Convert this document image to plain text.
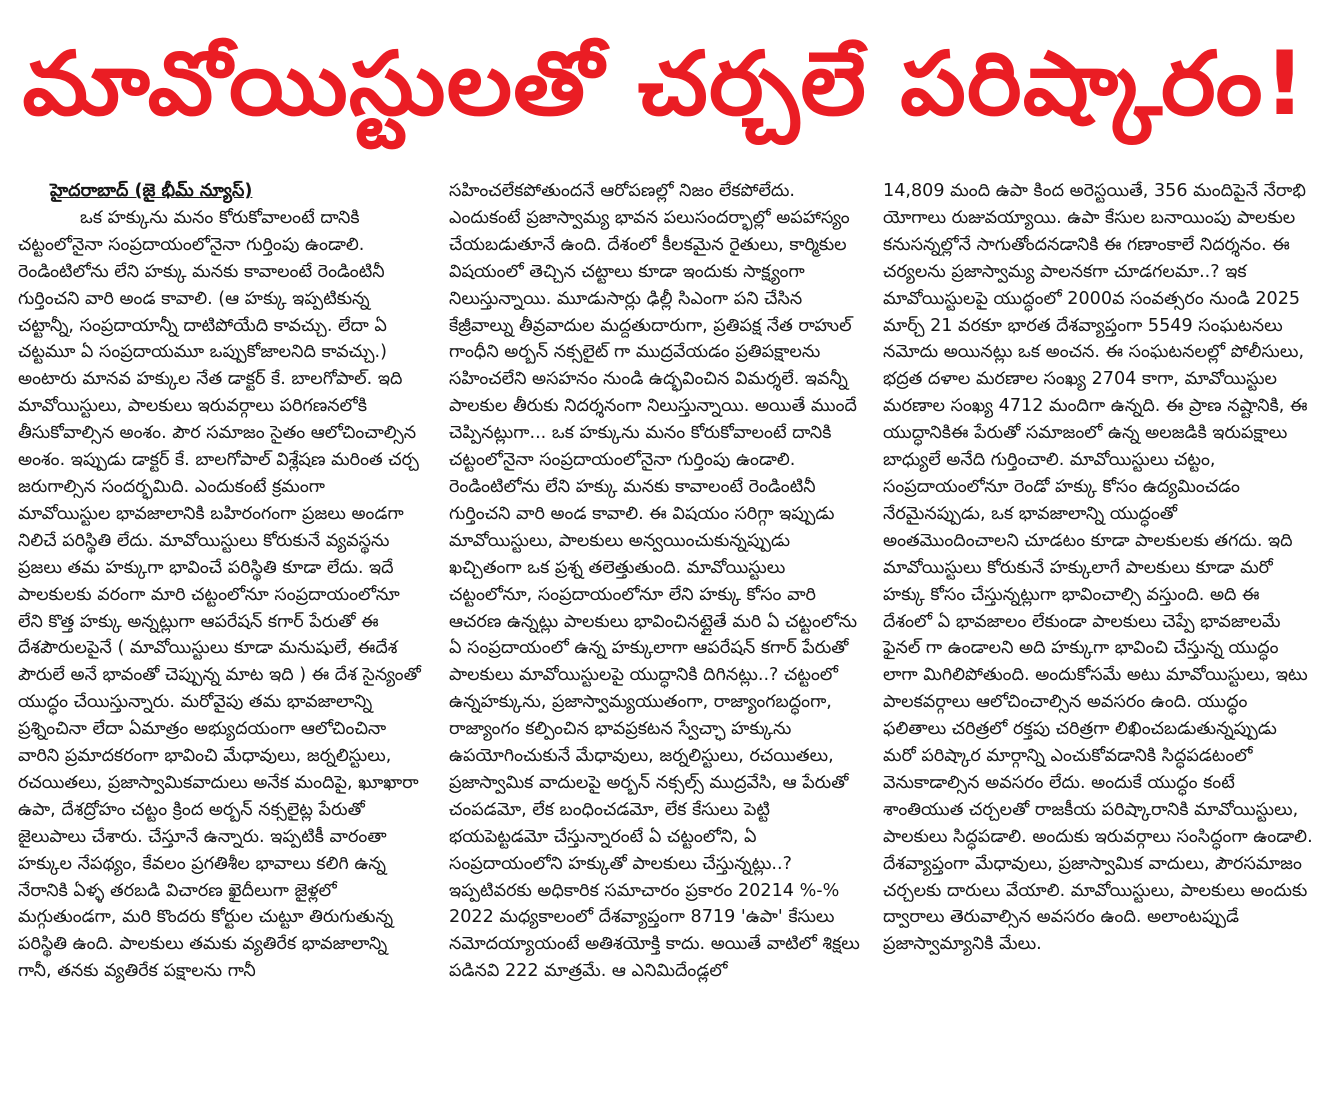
మావోయిస్టులతో చర్చలే పరిష్కారం!

హైదరాబాద్ (జై భీమ్ న్యూస్)

ఒక హక్కును మనం కోరుకోవాలంటే దానికి చట్టంలోనైనా సంప్రదాయంలోనైనా గుర్తింపు ఉండాలి. రెండింటిలోను లేని హక్కు మనకు కావాలంటే రెండింటినీ గుర్తించని వారి అండ కావాలి. (ఆ హక్కు ఇప్పటికున్న చట్టాన్నీ, సంప్రదాయాన్నీ దాటిపోయేది కావచ్చు. లేదా ఏ చట్టమూ ఏ సంప్రదాయమూ ఒప్పుకోజాలనిది కావచ్చు.) అంటారు మానవ హక్కుల నేత డాక్టర్ కే. బాలగోపాల్. ఇది మావోయిస్టులు, పాలకులు ఇరువర్గాలు పరిగణనలోకి తీసుకోవాల్సిన అంశం. పౌర సమాజం సైతం ఆలోచించాల్సిన అంశం. ఇప్పుడు డాక్టర్ కే. బాలగోపాల్ విశ్లేషణ మరింత చర్చ జరుగాల్సిన సందర్భమిది. ఎందుకంటే క్రమంగా మావోయిస్టుల భావజాలానికి బహిరంగంగా ప్రజలు అండగా నిలిచే పరిస్థితి లేదు. మావోయిస్టులు కోరుకునే వ్యవస్థను ప్రజలు తమ హక్కుగా భావించే పరిస్థితి కూడా లేదు. ఇదే పాలకులకు వరంగా మారి చట్టంలోనూ సంప్రదాయంలోనూ లేని కొత్త హక్కు అన్నట్లుగా ఆపరేషన్ కగార్ పేరుతో ఈ దేశపౌరులపైనే ( మావోయిస్టులు కూడా మనుషులే, ఈదేశ పౌరులే అనే భావంతో చెప్పున్న మాట ఇది ) ఈ దేశ సైన్యంతో యుద్ధం చేయిస్తున్నారు. మరోవైపు తమ భావజాలాన్ని ప్రశ్నించినా లేదా ఏమాత్రం అభ్యుదయంగా ఆలోచించినా వారిని ప్రమాదకరంగా భావించి మేధావులు, జర్నలిస్టులు, రచయితలు, ప్రజాస్వామికవాదులు అనేక మందిపై, ఖూఖారా ఉపా, దేశద్రోహం చట్టం క్రింద అర్బన్ నక్సలైట్ల పేరుతో జైలుపాలు చేశారు. చేస్తూనే ఉన్నారు. ఇప్పటికీ వారంతా హక్కుల నేపథ్యం, కేవలం ప్రగతిశీల భావాలు కలిగి ఉన్న నేరానికి ఏళ్ళ తరబడి విచారణ ఖైదీలుగా జైళ్లలో మగ్గుతుండగా, మరి కొందరు కోర్టుల చుట్టూ తిరుగుతున్న పరిస్థితి ఉంది. పాలకులు తమకు వ్యతిరేక భావజాలాన్ని గానీ, తనకు వ్యతిరేక పక్షాలను గానీ

సహించలేకపోతుందనే ఆరోపణల్లో నిజం లేకపోలేదు. ఎందుకంటే ప్రజాస్వామ్య భావన పలుసందర్భాల్లో అపహాస్యం చేయబడుతూనే ఉంది. దేశంలో కీలకమైన రైతులు, కార్మికుల విషయంలో తెచ్చిన చట్టాలు కూడా ఇందుకు సాక్ష్యంగా నిలుస్తున్నాయి. మూడుసార్లు ఢిల్లీ సిఎంగా పని చేసిన కేజ్రీవాల్ను తీవ్రవాదుల మద్దతుదారుగా, ప్రతిపక్ష నేత రాహుల్ గాంధీని అర్బన్ నక్సలైట్ గా ముద్రవేయడం ప్రతిపక్షాలను సహించలేని అసహనం నుండి ఉద్భవించిన విమర్శలే. ఇవన్నీ పాలకుల తీరుకు నిదర్శనంగా నిలుస్తున్నాయి. అయితే ముందే చెప్పినట్లుగా... ఒక హక్కును మనం కోరుకోవాలంటే దానికి చట్టంలోనైనా సంప్రదాయంలోనైనా గుర్తింపు ఉండాలి. రెండింటిలోను లేని హక్కు మనకు కావాలంటే రెండింటినీ గుర్తించని వారి అండ కావాలి. ఈ విషయం సరిగ్గా ఇప్పుడు మావోయిస్టులు, పాలకులు అన్వయించుకున్నప్పుడు ఖచ్చితంగా ఒక ప్రశ్న తలెత్తుతుంది. మావోయిస్టులు చట్టంలోనూ, సంప్రదాయంలోనూ లేని హక్కు కోసం వారి ఆచరణ ఉన్నట్లు పాలకులు భావించినట్లైతే మరి ఏ చట్టంలోను ఏ సంప్రదాయంలో ఉన్న హక్కులాగా ఆపరేషన్ కగార్ పేరుతో పాలకులు మావోయిస్టులపై యుద్ధానికి దిగినట్లు..? చట్టంలో ఉన్నహక్కును, ప్రజాస్వామ్యయుతంగా, రాజ్యాంగబద్ధంగా, రాజ్యాంగం కల్పించిన భావప్రకటన స్వేచ్ఛా హక్కును ఉపయోగించుకునే మేధావులు, జర్నలిస్టులు, రచయితలు, ప్రజాస్వామిక వాదులపై అర్బన్ నక్సల్స్ ముద్రవేసి, ఆ పేరుతో చంపడమో, లేక బంధించడమో, లేక కేసులు పెట్టి భయపెట్టడమో చేస్తున్నారంటే ఏ చట్టంలోని, ఏ సంప్రదాయంలోని హక్కుతో పాలకులు చేస్తున్నట్లు..? ఇప్పటివరకు అధికారిక సమాచారం ప్రకారం 20214 %-% 2022 మధ్యకాలంలో దేశవ్యాప్తంగా 8719 'ఉపా' కేసులు నమోదయ్యాయంటే అతిశయోక్తి కాదు. అయితే వాటిలో శిక్షలు పడినవి 222 మాత్రమే. ఆ ఎనిమిదేండ్లలో

14,809 మంది ఉపా కింద అరెస్టయితే, 356 మందిపైనే నేరాభి యోగాలు రుజువయ్యాయి. ఉపా కేసుల బనాయింపు పాలకుల కనుసన్నల్లోనే సాగుతోందనడానికి ఈ గణాంకాలే నిదర్శనం. ఈ చర్యలను ప్రజాస్వామ్య పాలనకగా చూడగలమా..? ఇక మావోయిస్టులపై యుద్ధంలో 2000వ సంవత్సరం నుండి 2025 మార్చ్ 21 వరకూ భారత దేశవ్యాప్తంగా 5549 సంఘటనలు నమోదు అయినట్లు ఒక అంచన. ఈ సంఘటనలల్లో పోలీసులు, భద్రత దళాల మరణాల సంఖ్య 2704 కాగా, మావోయిస్టుల మరణాల సంఖ్య 4712 మందిగా ఉన్నది. ఈ ప్రాణ నష్టానికి, ఈ యుద్ధానికిఈ పేరుతో సమాజంలో ఉన్న అలజడికి ఇరుపక్షాలు బాధ్యులే అనేది గుర్తించాలి. మావోయిస్టులు చట్టం, సంప్రదాయంలోనూ రెండో హక్కు కోసం ఉద్యమించడం నేరమైనప్పుడు, ఒక భావజాలాన్ని యుద్ధంతో అంతమొందించాలని చూడటం కూడా పాలకులకు తగదు. ఇది మావోయిస్టులు కోరుకునే హక్కులాగే పాలకులు కూడా మరో హక్కు కోసం చేస్తున్నట్లుగా భావించాల్సి వస్తుంది. అది ఈ దేశంలో ఏ భావజాలం లేకుండా పాలకులు చెప్పే భావజాలమే ఫైనల్ గా ఉండాలని అది హక్కుగా భావించి చేస్తున్న యుద్ధం లాగా మిగిలిపోతుంది. అందుకోసమే అటు మావోయిస్టులు, ఇటు పాలకవర్గాలు ఆలోచించాల్సిన అవసరం ఉంది. యుద్ధం ఫలితాలు చరిత్రలో రక్తపు చరిత్రగా లిఖించబడుతున్నప్పుడు మరో పరిష్కార మార్గాన్ని ఎంచుకోవడానికి సిద్ధపడటంలో వెనుకాడాల్సిన అవసరం లేదు. అందుకే యుద్ధం కంటే శాంతియుత చర్చలతో రాజకీయ పరిష్కారానికి మావోయిస్టులు, పాలకులు సిద్ధపడాలి. అందుకు ఇరువర్గాలు సంసిద్ధంగా ఉండాలి. దేశవ్యాప్తంగా మేధావులు, ప్రజాస్వామిక వాదులు, పౌరసమాజం చర్చలకు దారులు వేయాలి. మావోయిస్టులు, పాలకులు అందుకు ద్వారాలు తెరువాల్సిన అవసరం ఉంది. అలాంటప్పుడే ప్రజాస్వామ్యానికి మేలు.
